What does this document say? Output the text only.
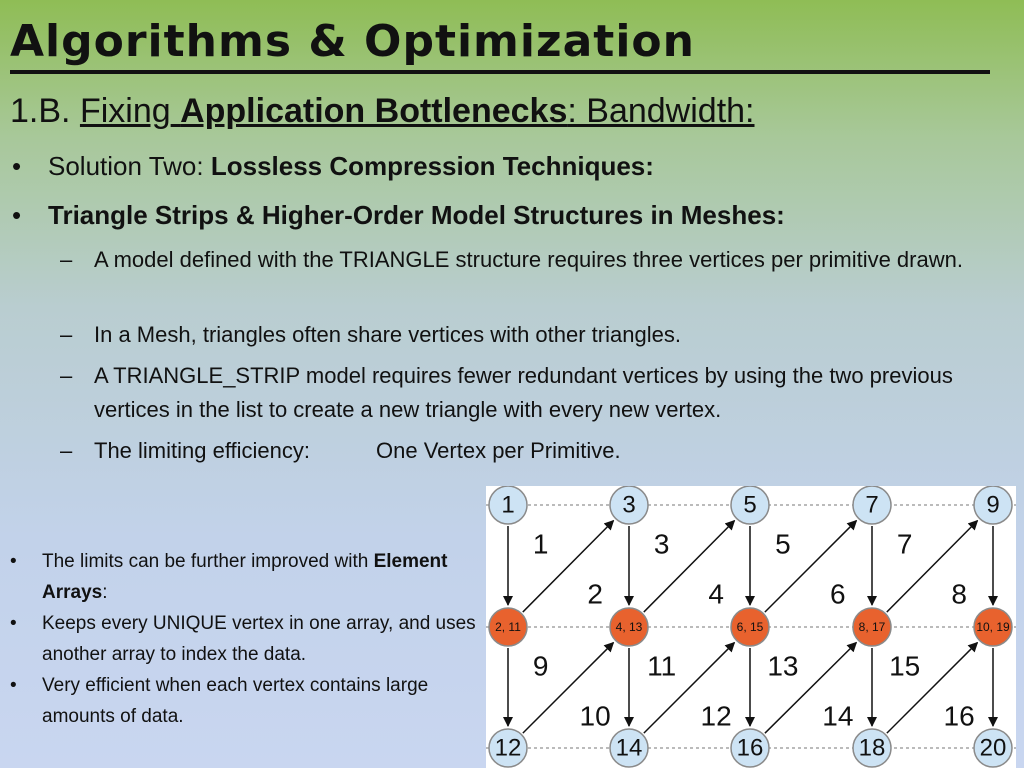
Algorithms & Optimization
1.B. Fixing Application Bottlenecks: Bandwidth:
• Solution Two: Lossless Compression Techniques:
• Triangle Strips & Higher-Order Model Structures in Meshes:
– A model defined with the TRIANGLE structure requires three vertices per primitive drawn.
– In a Mesh, triangles often share vertices with other triangles.
– A TRIANGLE_STRIP model requires fewer redundant vertices by using the two previous vertices in the list to create a new triangle with every new vertex.
– The limiting efficiency:	One Vertex per Primitive.
• The limits can be further improved with Element Arrays:
• Keeps every UNIQUE vertex in one array, and uses another array to index the data.
• Very efficient when each vertex contains large amounts of data.
1
2
9
10
3
4
11
12
5
6
13
14
7
8
15
16
1
2, 11
12
3
4, 13
14
5
6, 15
16
7
8, 17
18
9
10, 19
20
